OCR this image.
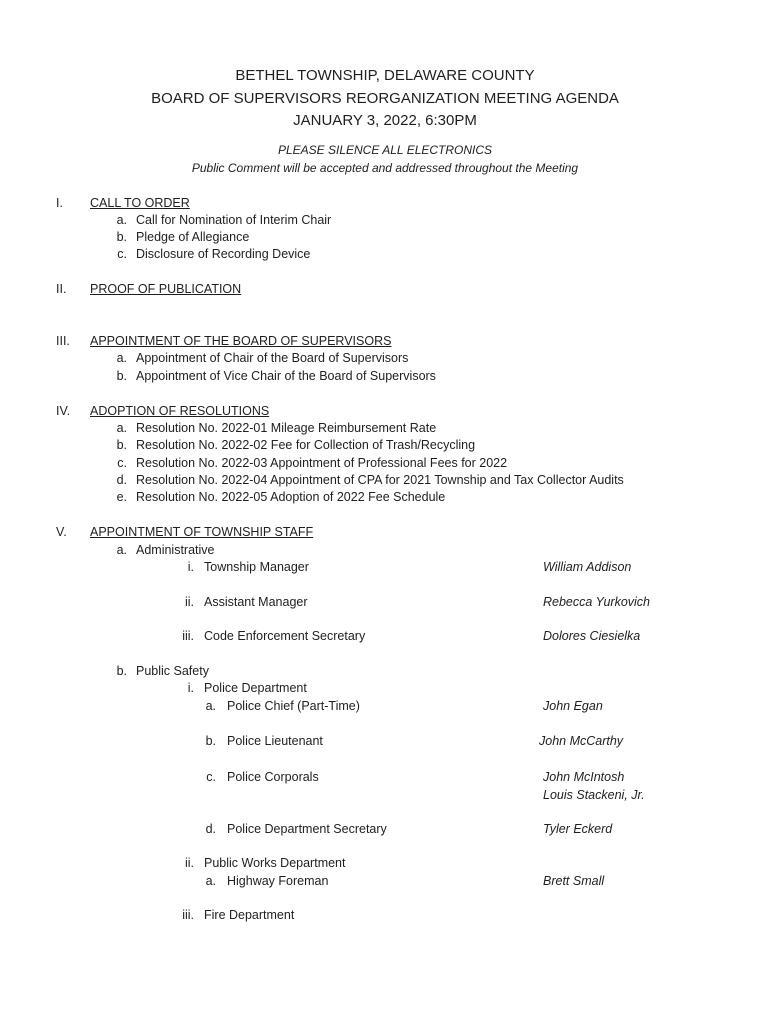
BETHEL TOWNSHIP, DELAWARE COUNTY
BOARD OF SUPERVISORS REORGANIZATION MEETING AGENDA
JANUARY 3, 2022, 6:30PM
PLEASE SILENCE ALL ELECTRONICS
Public Comment will be accepted and addressed throughout the Meeting
I. CALL TO ORDER
a. Call for Nomination of Interim Chair
b. Pledge of Allegiance
c. Disclosure of Recording Device
II. PROOF OF PUBLICATION
III. APPOINTMENT OF THE BOARD OF SUPERVISORS
a. Appointment of Chair of the Board of Supervisors
b. Appointment of Vice Chair of the Board of Supervisors
IV. ADOPTION OF RESOLUTIONS
a. Resolution No. 2022-01 Mileage Reimbursement Rate
b. Resolution No. 2022-02 Fee for Collection of Trash/Recycling
c. Resolution No. 2022-03 Appointment of Professional Fees for 2022
d. Resolution No. 2022-04 Appointment of CPA for 2021 Township and Tax Collector Audits
e. Resolution No. 2022-05 Adoption of 2022 Fee Schedule
V. APPOINTMENT OF TOWNSHIP STAFF
a. Administrative
i. Township Manager	William Addison
ii. Assistant Manager	Rebecca Yurkovich
iii. Code Enforcement Secretary	Dolores Ciesielka
b. Public Safety
i. Police Department
a. Police Chief (Part-Time)	John Egan
b. Police Lieutenant	John McCarthy
c. Police Corporals	John McIntosh
Louis Stackeni, Jr.
d. Police Department Secretary	Tyler Eckerd
ii. Public Works Department
a. Highway Foreman	Brett Small
iii. Fire Department
